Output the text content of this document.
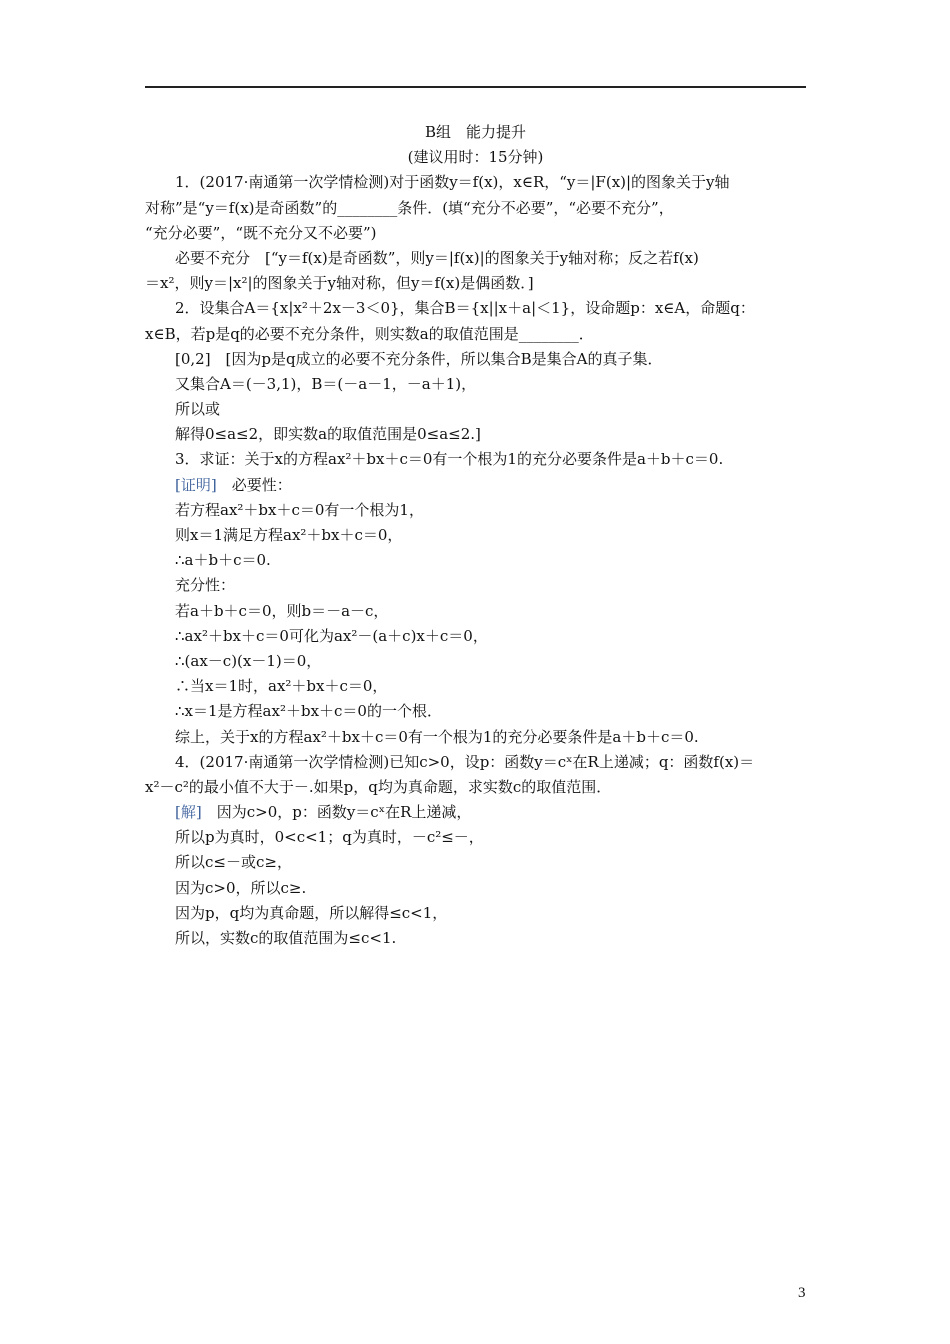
B组　能力提升
(建议用时：15分钟)
1．(2017·南通第一次学情检测)对于函数y＝f(x)，x∈R，“y＝|F(x)|的图象关于y轴
对称”是“y＝f(x)是奇函数”的________条件．(填“充分不必要”，“必要不充分”，
“充分必要”，“既不充分又不必要”)
必要不充分　[“y＝f(x)是奇函数”，则y＝|f(x)|的图象关于y轴对称；反之若f(x)
＝x²，则y＝|x²|的图象关于y轴对称，但y＝f(x)是偶函数．]
2．设集合A＝{x|x²＋2x－3＜0}，集合B＝{x||x＋a|＜1}，设命题p：x∈A，命题q：
x∈B，若p是q的必要不充分条件，则实数a的取值范围是________．
[0,2]　[因为p是q成立的必要不充分条件，所以集合B是集合A的真子集．
又集合A＝(－3,1)，B＝(－a－1，－a＋1)，
所以或
解得0≤a≤2，即实数a的取值范围是0≤a≤2.]
3．求证：关于x的方程ax²＋bx＋c＝0有一个根为1的充分必要条件是a＋b＋c＝0.
[证明]　必要性：
若方程ax²＋bx＋c＝0有一个根为1，
则x＝1满足方程ax²＋bx＋c＝0，
∴a＋b＋c＝0.
充分性：
若a＋b＋c＝0，则b＝－a－c，
∴ax²＋bx＋c＝0可化为ax²－(a＋c)x＋c＝0，
∴(ax－c)(x－1)＝0，
∴当x＝1时，ax²＋bx＋c＝0，
∴x＝1是方程ax²＋bx＋c＝0的一个根．
综上，关于x的方程ax²＋bx＋c＝0有一个根为1的充分必要条件是a＋b＋c＝0.
4．(2017·南通第一次学情检测)已知c>0，设p：函数y＝cˣ在R上递减；q：函数f(x)＝
x²－c²的最小值不大于－.如果p，q均为真命题，求实数c的取值范围．
[解]　因为c>0，p：函数y＝cˣ在R上递减，
所以p为真时，0<c<1；q为真时，－c²≤－，
所以c≤－或c≥，
因为c>0，所以c≥.
因为p，q均为真命题，所以解得≤c<1，
所以，实数c的取值范围为≤c<1.
3
